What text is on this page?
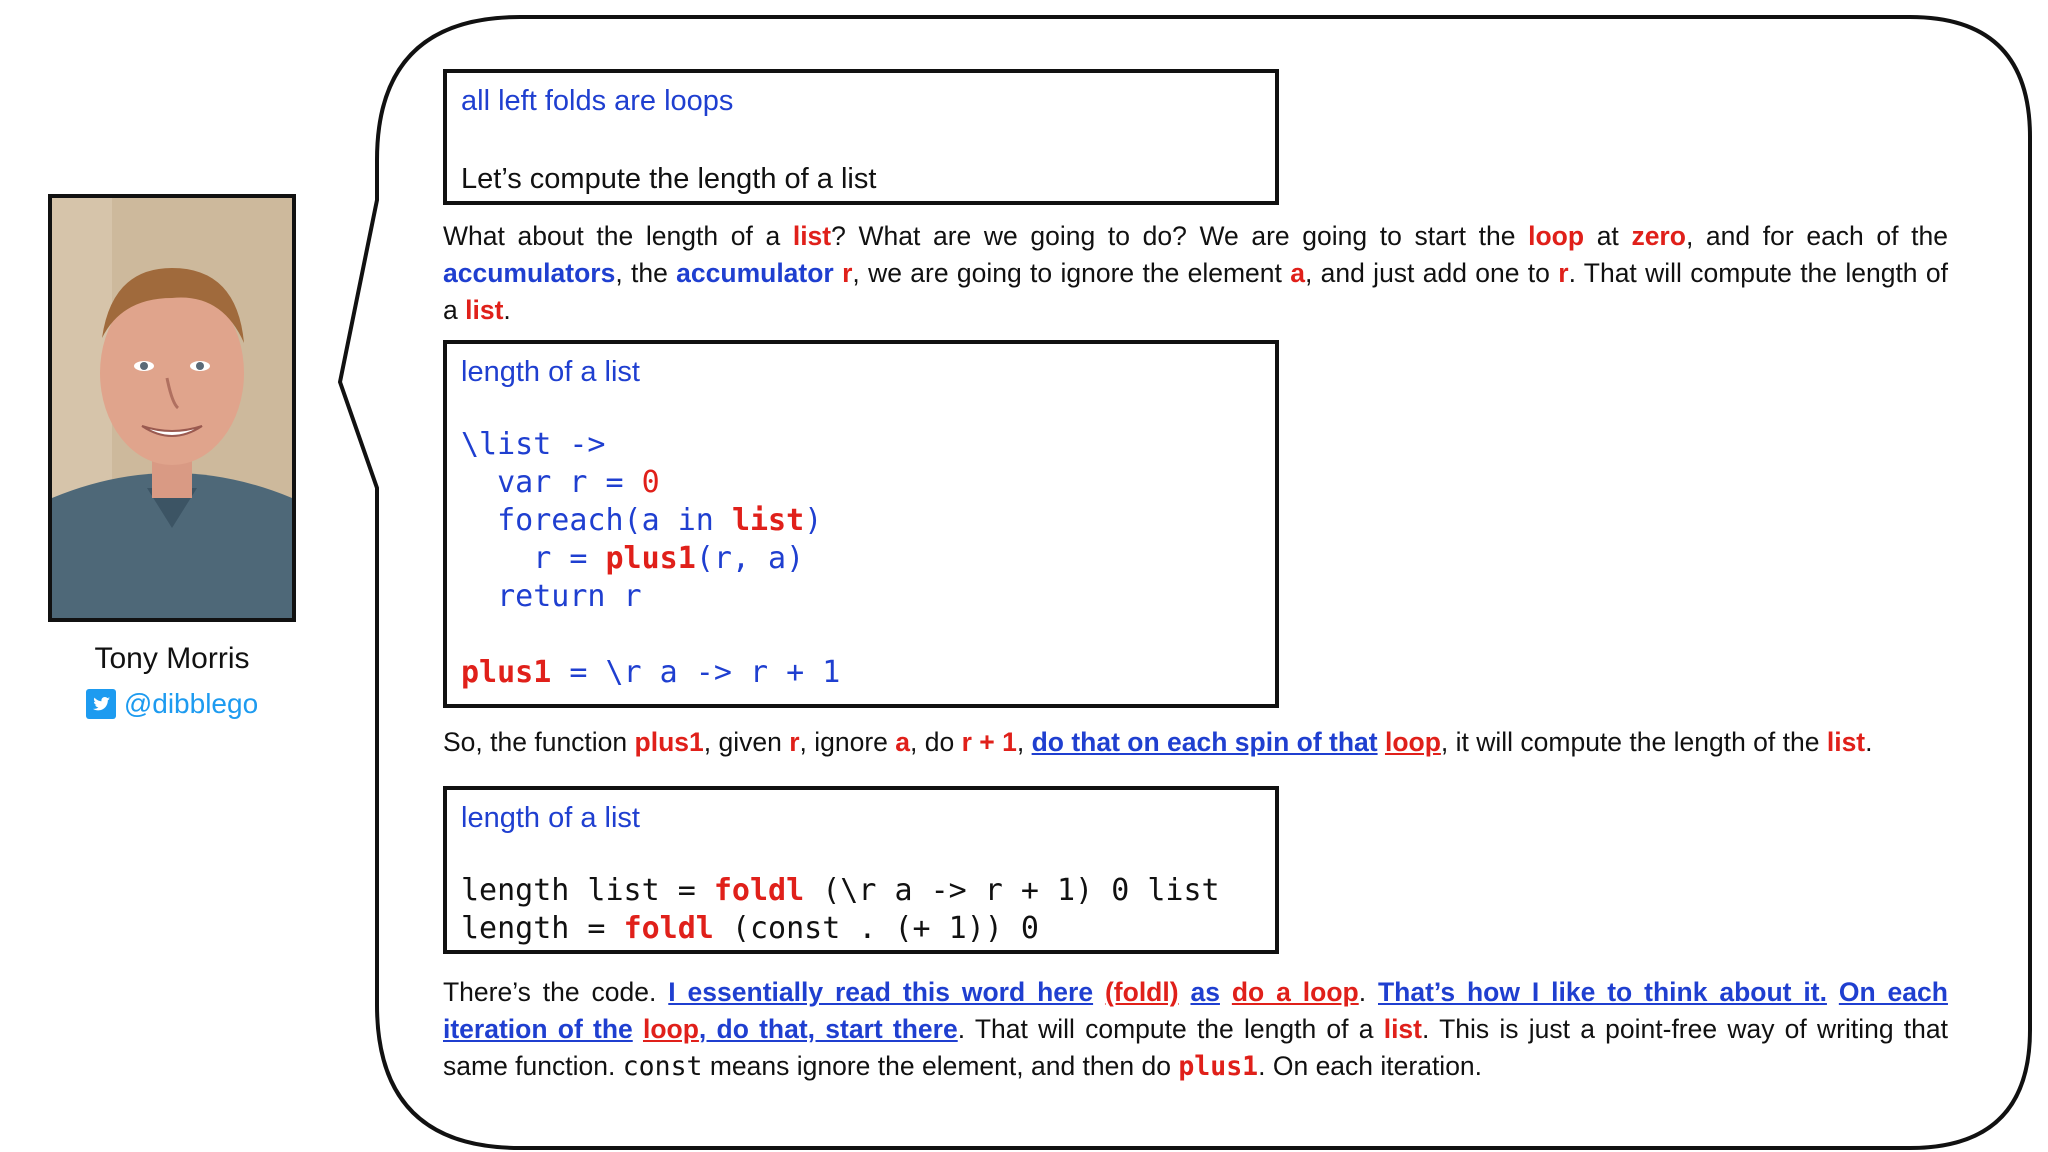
Tony Morris
@dibblego
all left folds are loops
Let’s compute the length of a list
What about the length of a list? What are we going to do? We are going to start the loop at zero, and for each of the accumulators, the accumulator r, we are going to ignore the element a, and just add one to r. That will compute the length of a list.
length of a list
\list ->
var r = 0
foreach(a in list)
r = plus1(r, a)
return r
plus1 = \r a -> r + 1
So, the function plus1, given r, ignore a, do r + 1, do that on each spin of that loop, it will compute the length of the list.
length of a list
length list = foldl (\r a -> r + 1) 0 list
length = foldl (const . (+ 1)) 0
There’s the code. I essentially read this word here (foldl) as do a loop. That’s how I like to think about it. On each iteration of the loop, do that, start there. That will compute the length of a list. This is just a point-free way of writing that same function. const means ignore the element, and then do plus1. On each iteration.
